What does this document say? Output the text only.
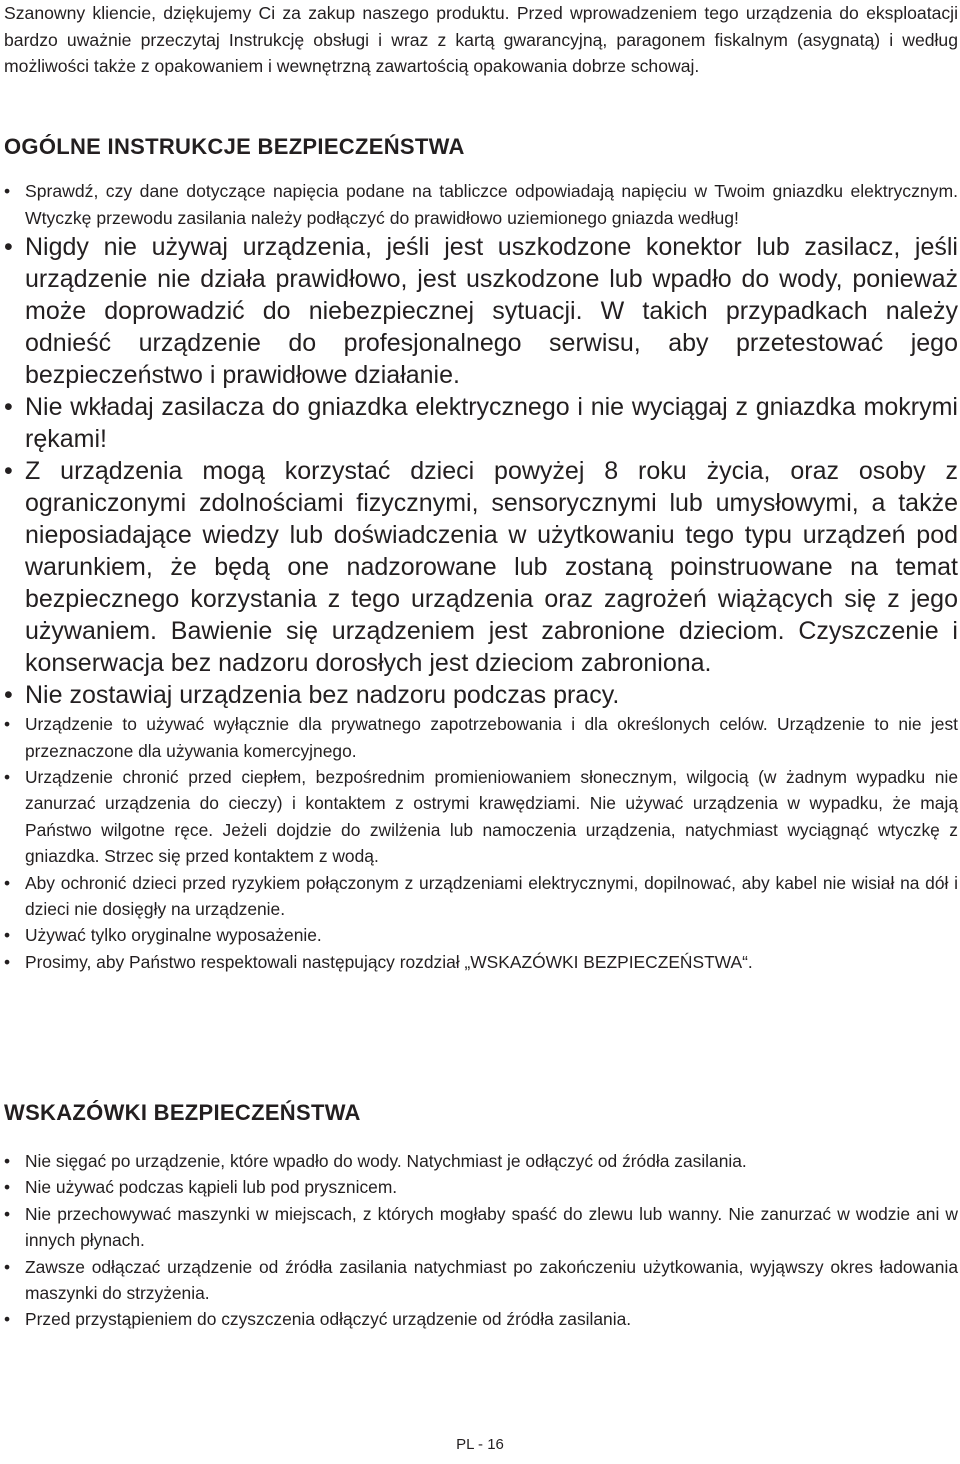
Szanowny kliencie, dziękujemy Ci za zakup naszego produktu. Przed wprowadzeniem tego urządzenia do eksploatacji bardzo uważnie przeczytaj Instrukcję obsługi i wraz z kartą gwarancyjną, paragonem fiskalnym (asygnatą) i według możliwości także z opakowaniem i wewnętrzną zawartością opakowania dobrze schowaj.

OGÓLNE INSTRUKCJE BEZPIECZEŃSTWA
• Sprawdź, czy dane dotyczące napięcia podane na tabliczce odpowiadają napięciu w Twoim gniazdku elektrycznym. Wtyczkę przewodu zasilania należy podłączyć do prawidłowo uziemionego gniazda według!
• Nigdy nie używaj urządzenia, jeśli jest uszkodzone konektor lub zasilacz, jeśli urządzenie nie działa prawidłowo, jest uszkodzone lub wpadło do wody, ponieważ może doprowadzić do niebezpiecznej sytuacji. W takich przypadkach należy odnieść urządzenie do profesjonalnego serwisu, aby przetestować jego bezpieczeństwo i prawidłowe działanie.
• Nie wkładaj zasilacza do gniazdka elektrycznego i nie wyciągaj z gniazdka mokrymi rękami!
• Z urządzenia mogą korzystać dzieci powyżej 8 roku życia, oraz osoby z ograniczonymi zdolnościami fizycznymi, sensorycznymi lub umysłowymi, a także nieposiadające wiedzy lub doświadczenia w użytkowaniu tego typu urządzeń pod warunkiem, że będą one nadzorowane lub zostaną poinstruowane na temat bezpiecznego korzystania z tego urządzenia oraz zagrożeń wiążących się z jego używaniem. Bawienie się urządzeniem jest zabronione dzieciom. Czyszczenie i konserwacja bez nadzoru dorosłych jest dzieciom zabroniona.
• Nie zostawiaj urządzenia bez nadzoru podczas pracy.
• Urządzenie to używać wyłącznie dla prywatnego zapotrzebowania i dla określonych celów. Urządzenie to nie jest przeznaczone dla używania komercyjnego.
• Urządzenie chronić przed ciepłem, bezpośrednim promieniowaniem słonecznym, wilgocią (w żadnym wypadku nie zanurzać urządzenia do cieczy) i kontaktem z ostrymi krawędziami. Nie używać urządzenia w wypadku, że mają Państwo wilgotne ręce. Jeżeli dojdzie do zwilżenia lub namoczenia urządzenia, natychmiast wyciągnąć wtyczkę z gniazdka. Strzec się przed kontaktem z wodą.
• Aby ochronić dzieci przed ryzykiem połączonym z urządzeniami elektrycznymi, dopilnować, aby kabel nie wisiał na dół i dzieci nie dosięgły na urządzenie.
• Używać tylko oryginalne wyposażenie.
• Prosimy, aby Państwo respektowali następujący rozdział „WSKAZÓWKI BEZPIECZEŃSTWA“.
WSKAZÓWKI BEZPIECZEŃSTWA
• Nie sięgać po urządzenie, które wpadło do wody. Natychmiast je odłączyć od źródła zasilania.
• Nie używać podczas kąpieli lub pod prysznicem.
• Nie przechowywać maszynki w miejscach, z których mogłaby spaść do zlewu lub wanny. Nie zanurzać w wodzie ani w innych płynach.
• Zawsze odłączać urządzenie od źródła zasilania natychmiast po zakończeniu użytkowania, wyjąwszy okres ładowania maszynki do strzyżenia.
• Przed przystąpieniem do czyszczenia odłączyć urządzenie od źródła zasilania.

PL - 16
